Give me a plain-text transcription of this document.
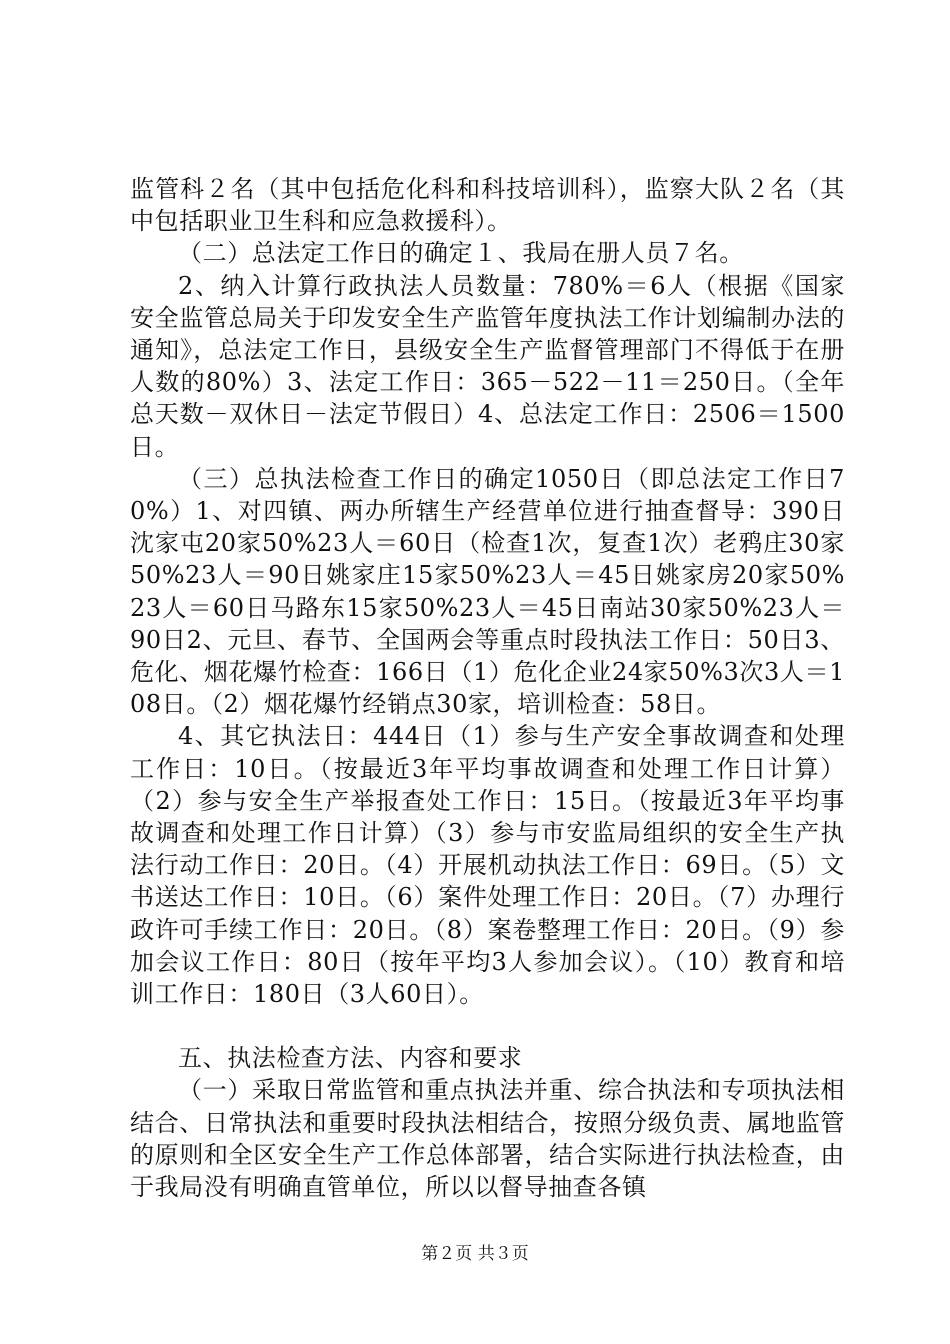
监管科２名（其中包括危化科和科技培训科），监察大队２名（其中包括职业卫生科和应急救援科）。

（二）总法定工作日的确定１、我局在册人员７名。

2、纳入计算行政执法人员数量：780%＝6人（根据《国家安全监管总局关于印发安全生产监管年度执法工作计划编制办法的通知》，总法定工作日，县级安全生产监督管理部门不得低于在册人数的80%）3、法定工作日：365－522－11＝250日。（全年总天数－双休日－法定节假日）4、总法定工作日：2506＝1500日。

（三）总执法检查工作日的确定1050日（即总法定工作日70%）1、对四镇、两办所辖生产经营单位进行抽查督导：390日沈家屯20家50%23人＝60日（检查1次，复查1次）老鸦庄30家50%23人＝90日姚家庄15家50%23人＝45日姚家房20家50%23人＝60日马路东15家50%23人＝45日南站30家50%23人＝90日2、元旦、春节、全国两会等重点时段执法工作日：50日3、危化、烟花爆竹检查：166日（1）危化企业24家50%3次3人＝108日。（2）烟花爆竹经销点30家，培训检查：58日。

4、其它执法日：444日（1）参与生产安全事故调查和处理工作日：10日。（按最近3年平均事故调查和处理工作日计算）（2）参与安全生产举报查处工作日：15日。（按最近3年平均事故调查和处理工作日计算）（3）参与市安监局组织的安全生产执法行动工作日：20日。（4）开展机动执法工作日：69日。（5）文书送达工作日：10日。（6）案件处理工作日：20日。（7）办理行政许可手续工作日：20日。（8）案卷整理工作日：20日。（9）参加会议工作日：80日（按年平均3人参加会议）。（10）教育和培训工作日：180日（3人60日）。

五、执法检查方法、内容和要求

（一）采取日常监管和重点执法并重、综合执法和专项执法相结合、日常执法和重要时段执法相结合，按照分级负责、属地监管的原则和全区安全生产工作总体部署，结合实际进行执法检查，由于我局没有明确直管单位，所以以督导抽查各镇

第２页 共３页
